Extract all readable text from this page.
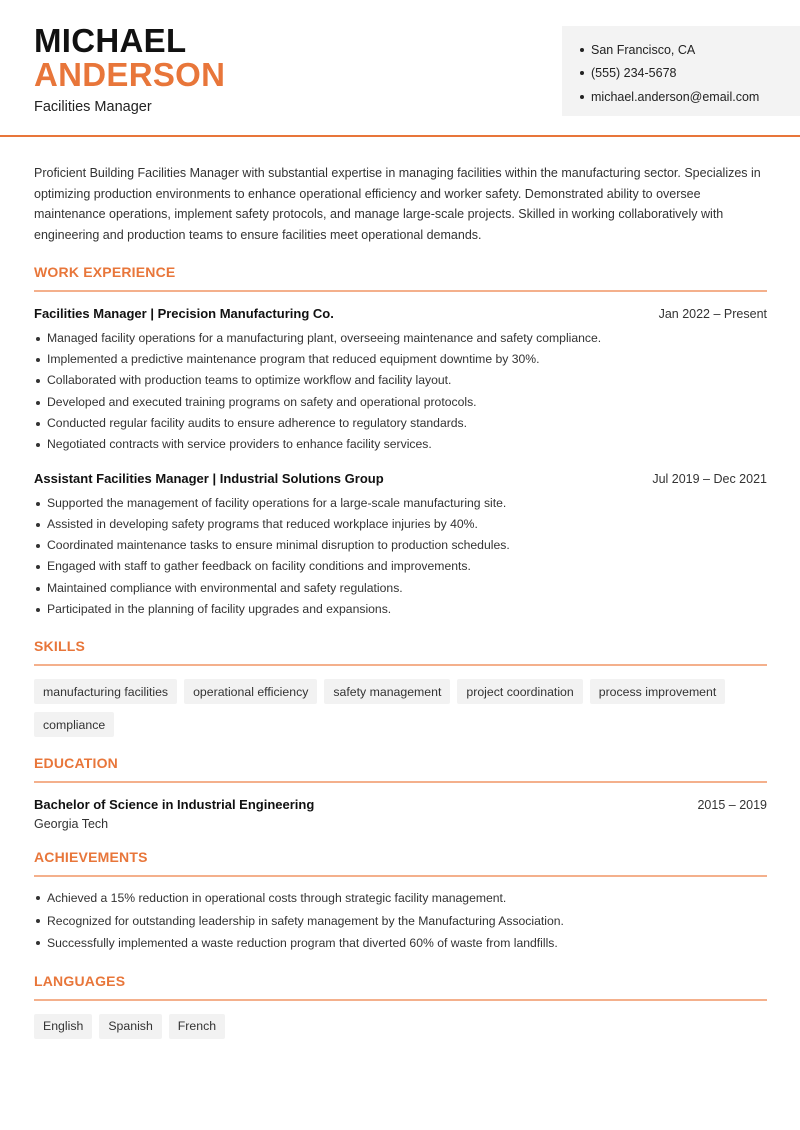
MICHAEL
ANDERSON
Facilities Manager
San Francisco, CA
(555) 234-5678
michael.anderson@email.com

Proficient Building Facilities Manager with substantial expertise in managing facilities within the manufacturing sector. Specializes in optimizing production environments to enhance operational efficiency and worker safety. Demonstrated ability to oversee maintenance operations, implement safety protocols, and manage large-scale projects. Skilled in working collaboratively with engineering and production teams to ensure facilities meet operational demands.

WORK EXPERIENCE
Facilities Manager | Precision Manufacturing Co.	Jan 2022 – Present
Managed facility operations for a manufacturing plant, overseeing maintenance and safety compliance.
Implemented a predictive maintenance program that reduced equipment downtime by 30%.
Collaborated with production teams to optimize workflow and facility layout.
Developed and executed training programs on safety and operational protocols.
Conducted regular facility audits to ensure adherence to regulatory standards.
Negotiated contracts with service providers to enhance facility services.
Assistant Facilities Manager | Industrial Solutions Group	Jul 2019 – Dec 2021
Supported the management of facility operations for a large-scale manufacturing site.
Assisted in developing safety programs that reduced workplace injuries by 40%.
Coordinated maintenance tasks to ensure minimal disruption to production schedules.
Engaged with staff to gather feedback on facility conditions and improvements.
Maintained compliance with environmental and safety regulations.
Participated in the planning of facility upgrades and expansions.
SKILLS
manufacturing facilities	operational efficiency	safety management	project coordination	process improvement
compliance
EDUCATION
Bachelor of Science in Industrial Engineering	2015 – 2019
Georgia Tech
ACHIEVEMENTS
Achieved a 15% reduction in operational costs through strategic facility management.
Recognized for outstanding leadership in safety management by the Manufacturing Association.
Successfully implemented a waste reduction program that diverted 60% of waste from landfills.
LANGUAGES
English	Spanish	French
